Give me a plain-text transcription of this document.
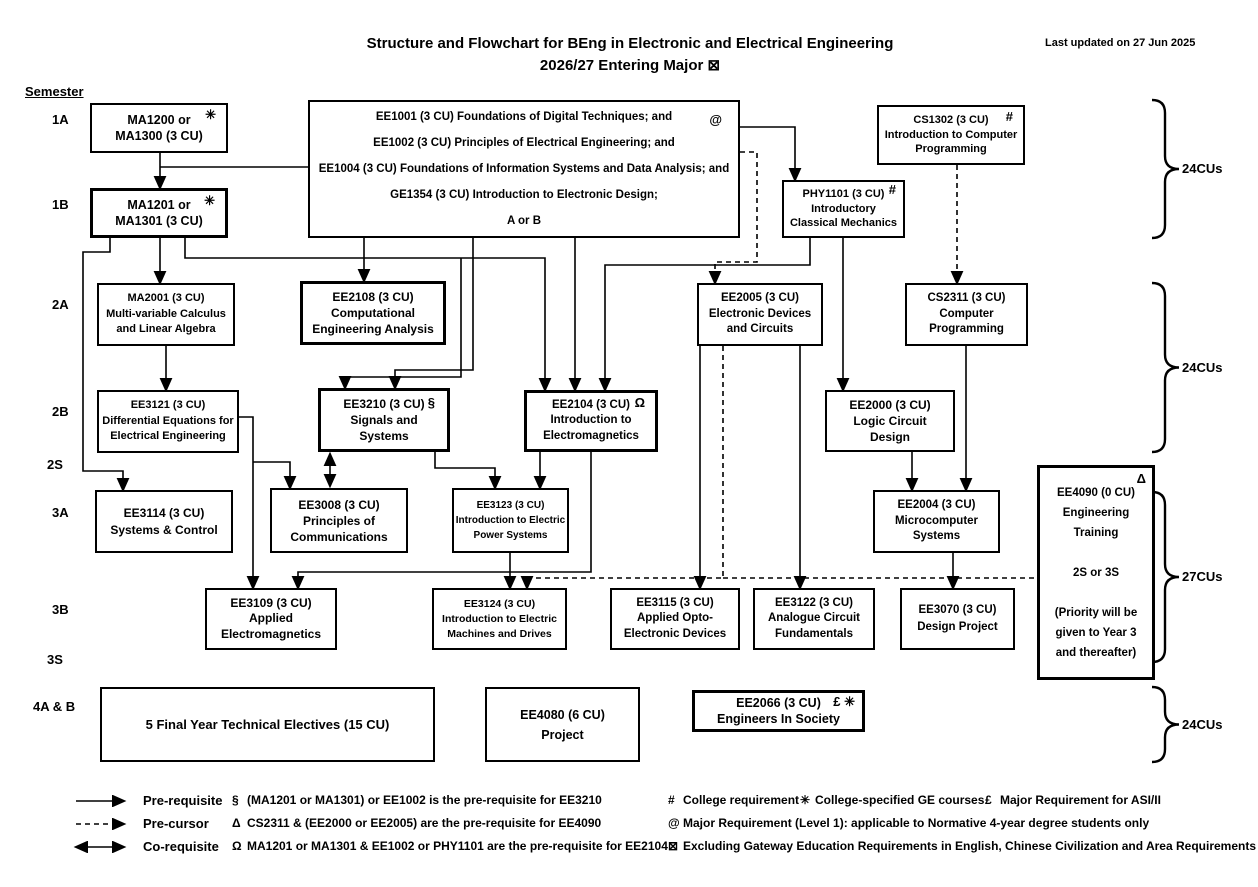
Structure and Flowchart for BEng in Electronic and Electrical Engineering
2026/27 Entering Major ⊠
Last updated on 27 Jun 2025
Semester
1A
1B
2A
2B
2S
3A
3B
3S
4A & B
MA1200 or
MA1300 (3 CU)
✳	EE1001 (3 CU) Foundations of Digital Techniques; and
EE1002 (3 CU) Principles of Electrical Engineering; and
EE1004 (3 CU) Foundations of Information Systems and Data Analysis; and
GE1354 (3 CU) Introduction to Electronic Design;
A or B
@	CS1302 (3 CU)
Introduction to Computer
Programming
#
MA1201 or
MA1301 (3 CU)
✳	PHY1101 (3 CU)
Introductory
Classical Mechanics
#
MA2001 (3 CU)
Multi-variable Calculus
and Linear Algebra
EE2108 (3 CU)
Computational
Engineering Analysis
EE2005 (3 CU)
Electronic Devices
and Circuits
CS2311 (3 CU)
Computer
Programming
EE3121 (3 CU)
Differential Equations for
Electrical Engineering
EE3210 (3 CU)
Signals and
Systems
§	EE2104 (3 CU)
Introduction to
Electromagnetics
Ω	EE2000 (3 CU)
Logic Circuit
Design
EE3114 (3 CU)
Systems & Control
EE3008 (3 CU)
Principles of
Communications
EE3123 (3 CU)
Introduction to Electric
Power Systems
EE2004 (3 CU)
Microcomputer
Systems
EE4090 (0 CU)
Engineering
Training

2S or 3S

(Priority will be
given to Year 3
and thereafter)
Δ
EE3109 (3 CU)
Applied
Electromagnetics
EE3124 (3 CU)
Introduction to Electric
Machines and Drives
EE3115 (3 CU)
Applied Opto-
Electronic Devices
EE3122 (3 CU)
Analogue Circuit
Fundamentals
EE3070 (3 CU)
Design Project
5 Final Year Technical Electives (15 CU)
EE4080 (6 CU)
Project
EE2066 (3 CU)
Engineers In Society
£ ✳
24CUs
24CUs
27CUs
24CUs
Pre-requisite
Pre-cursor
Co-requisite
§ (MA1201 or MA1301) or EE1002 is the pre-requisite for EE3210
Δ CS2311 & (EE2000 or EE2005) are the pre-requisite for EE4090
Ω MA1201 or MA1301 & EE1002 or PHY1101 are the pre-requisite for EE2104
# College requirement ✳ College-specified GE courses £ Major Requirement for ASI/II
@ Major Requirement (Level 1): applicable to Normative 4-year degree students only
⊠ Excluding Gateway Education Requirements in English, Chinese Civilization and Area Requirements
